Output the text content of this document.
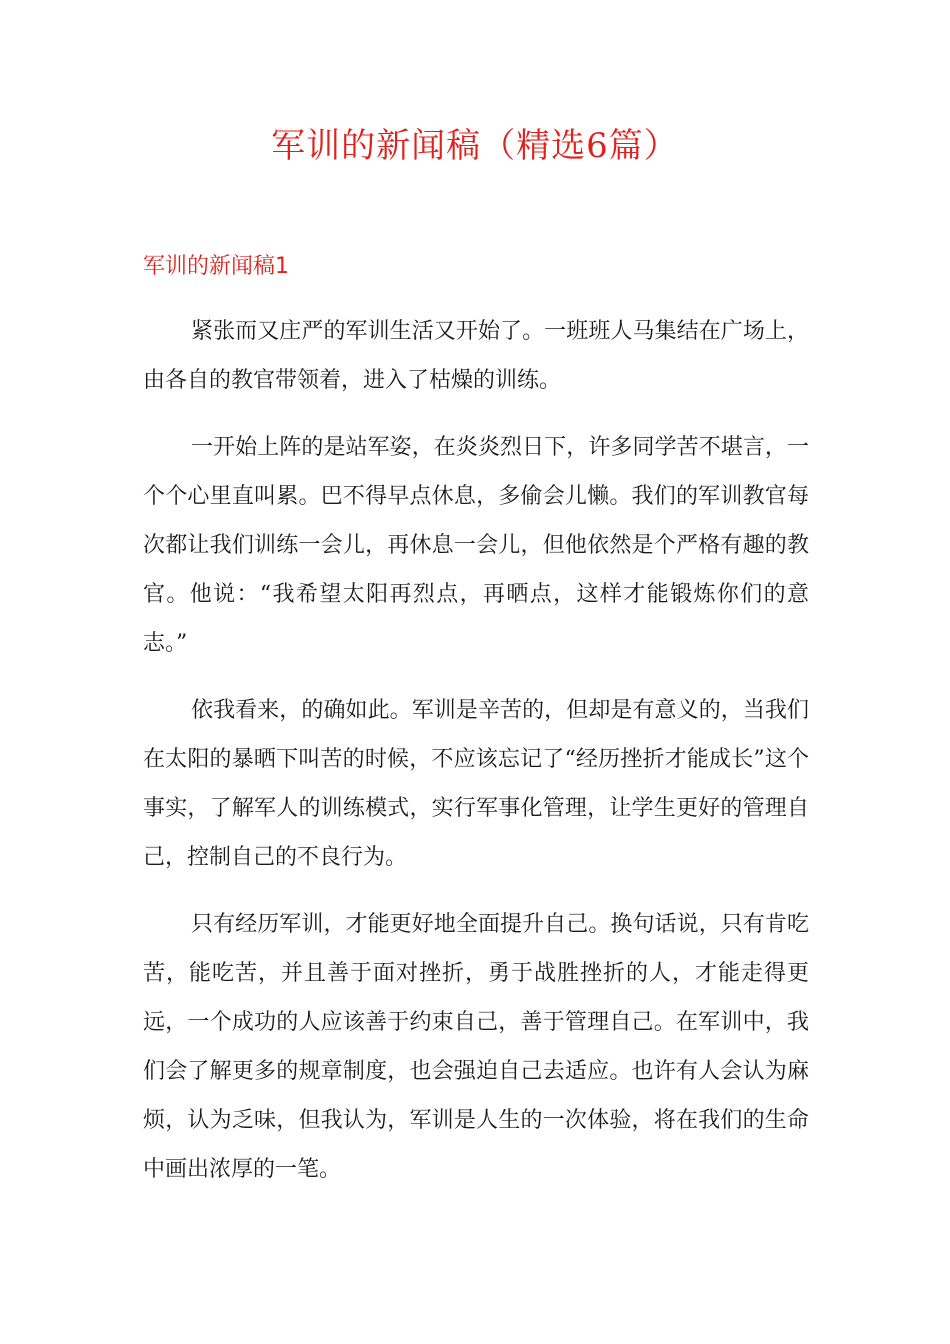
军训的新闻稿（精选6篇）
军训的新闻稿1

紧张而又庄严的军训生活又开始了。一班班人马集结在广场上，由各自的教官带领着，进入了枯燥的训练。

一开始上阵的是站军姿，在炎炎烈日下，许多同学苦不堪言，一个个心里直叫累。巴不得早点休息，多偷会儿懒。我们的军训教官每次都让我们训练一会儿，再休息一会儿，但他依然是个严格有趣的教官。他说：“我希望太阳再烈点，再晒点，这样才能锻炼你们的意志。”

依我看来，的确如此。军训是辛苦的，但却是有意义的，当我们在太阳的暴晒下叫苦的时候，不应该忘记了“经历挫折才能成长”这个事实，了解军人的训练模式，实行军事化管理，让学生更好的管理自己，控制自己的不良行为。

只有经历军训，才能更好地全面提升自己。换句话说，只有肯吃苦，能吃苦，并且善于面对挫折，勇于战胜挫折的人，才能走得更远，一个成功的人应该善于约束自己，善于管理自己。在军训中，我们会了解更多的规章制度，也会强迫自己去适应。也许有人会认为麻烦，认为乏味，但我认为，军训是人生的一次体验，将在我们的生命中画出浓厚的一笔。
